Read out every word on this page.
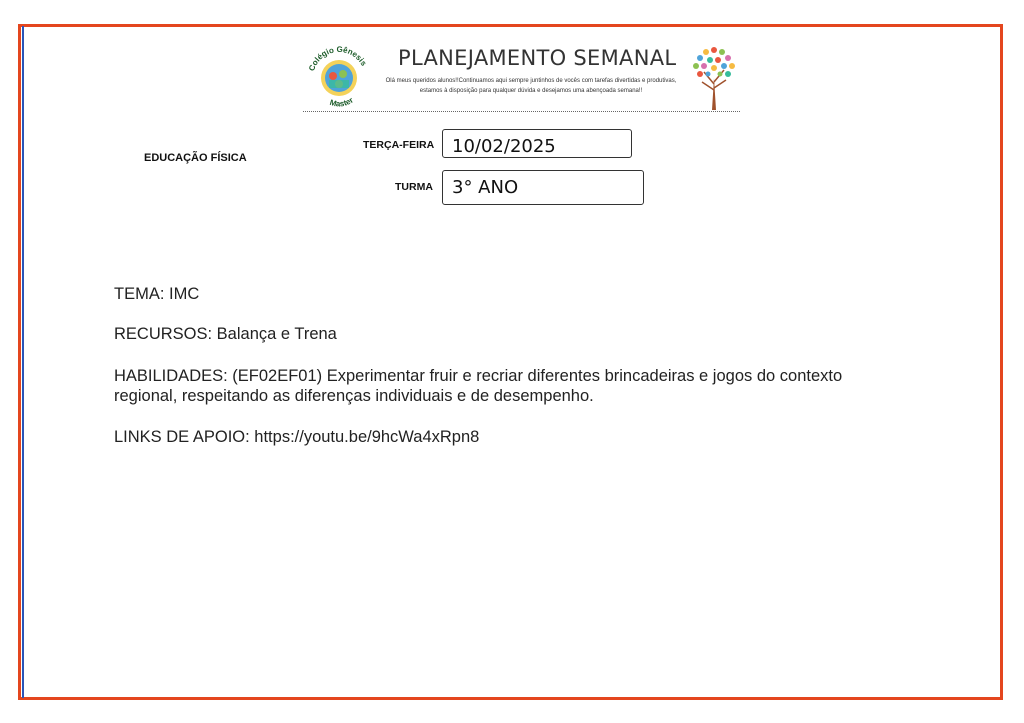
Colégio Gênesis
Master
PLANEJAMENTO SEMANAL
Olá meus queridos alunos!!Continuamos aqui sempre juntinhos de vocês com tarefas divertidas e produtivas, estamos à disposição para qualquer dúvida e desejamos uma abençoada semana!!
EDUCAÇÃO FÍSICA
TERÇA-FEIRA 10/02/2025
TURMA	3° ANO
TEMA: IMC
RECURSOS: Balança e Trena
HABILIDADES: (EF02EF01) Experimentar fruir e recriar diferentes brincadeiras e jogos do contexto regional, respeitando as diferenças individuais e de desempenho.
LINKS DE APOIO: https://youtu.be/9hcWa4xRpn8
